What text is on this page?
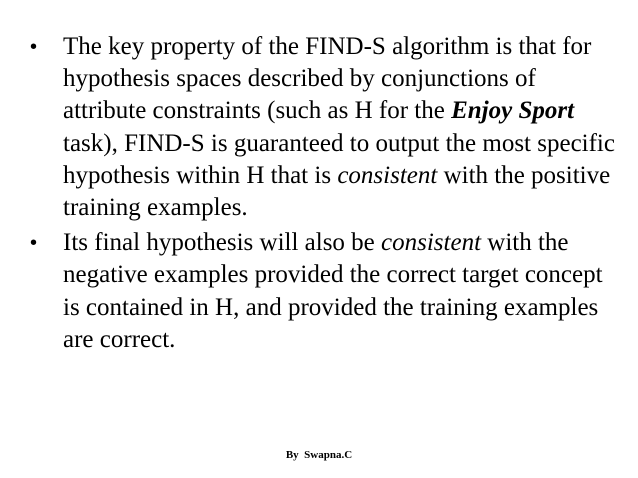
• The key property of the FIND-S algorithm is that for hypothesis spaces described by conjunctions of attribute constraints (such as H for the Enjoy Sport task), FIND-S is guaranteed to output the most specific hypothesis within H that is consistent with the positive training examples.
• Its final hypothesis will also be consistent with the negative examples provided the correct target concept is contained in H, and provided the training examples are correct.
By  Swapna.C
